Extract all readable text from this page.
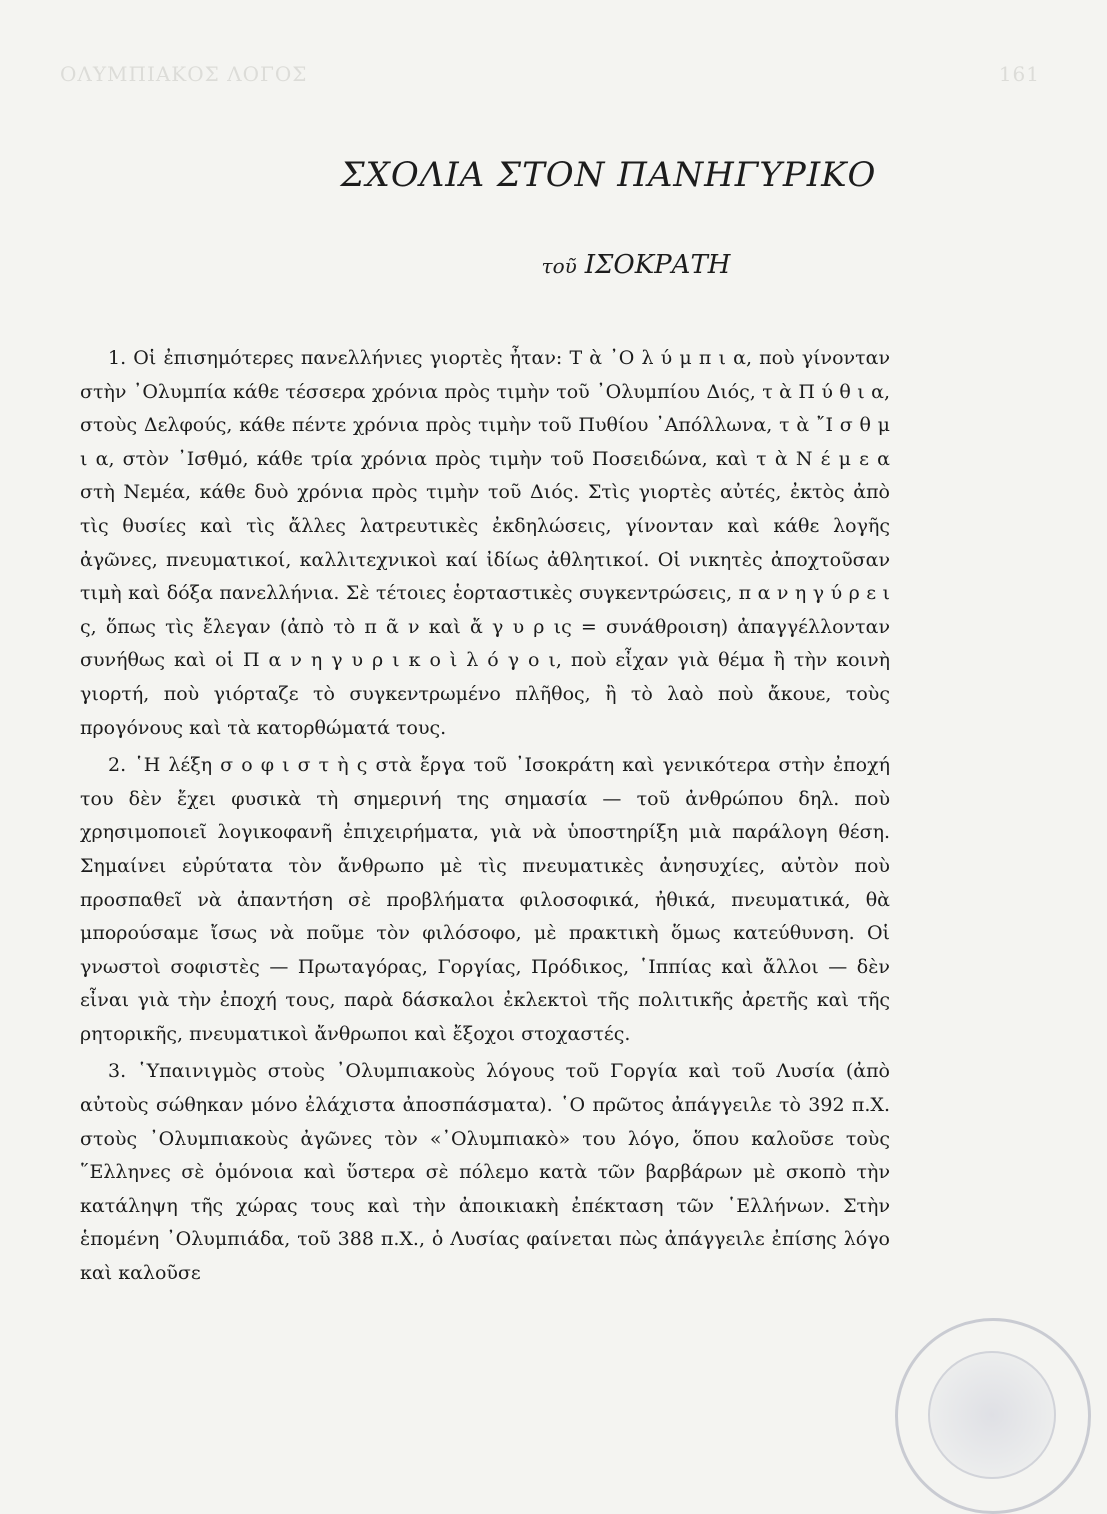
ΟΛΥΜΠΙΑΚΟΣ ΛΟΓΟΣ	161
ΣΧΟΛΙΑ ΣΤΟΝ ΠΑΝΗΓΥΡΙΚΟ
τοῦ ΙΣΟΚΡΑΤΗ

1. Οἱ ἐπισημότερες πανελλήνιες γιορτὲς ἦταν: Τ ὰ ᾿Ο λ ύ μ π ι α, ποὺ γίνονταν στὴν ᾿Ολυμπία κάθε τέσσερα χρόνια πρὸς τιμὴν τοῦ ᾿Ολυμπίου Διός, τ ὰ Π ύ θ ι α, στοὺς Δελφούς, κάθε πέντε χρόνια πρὸς τιμὴν τοῦ Πυθίου ᾿Απόλλωνα, τ ὰ ῎Ι σ θ μ ι α, στὸν ᾿Ισθμό, κάθε τρία χρόνια πρὸς τιμὴν τοῦ Ποσειδώνα, καὶ τ ὰ Ν έ μ ε α στὴ Νεμέα, κάθε δυὸ χρόνια πρὸς τιμὴν τοῦ Διός. Στὶς γιορτὲς αὐτές, ἐκτὸς ἀπὸ τὶς θυσίες καὶ τὶς ἄλλες λατρευτικὲς ἐκδηλώσεις, γίνονταν καὶ κάθε λογῆς ἀγῶνες, πνευματικοί, καλλιτεχνικοὶ καί ἰδίως ἀθλητικοί. Οἱ νικητὲς ἀποχτοῦσαν τιμὴ καὶ δόξα πανελλήνια. Σὲ τέτοιες ἑορταστικὲς συγκεντρώσεις, π α ν η γ ύ ρ ε ι ς, ὅπως τὶς ἔλεγαν (ἀπὸ τὸ π ᾶ ν καὶ ἄ γ υ ρ ις = συνάθροιση) ἀπαγγέλλονταν συνήθως καὶ οἱ Π α ν η γ υ ρ ι κ ο ὶ λ ό γ ο ι, ποὺ εἶχαν γιὰ θέμα ἢ τὴν κοινὴ γιορτή, ποὺ γιόρταζε τὸ συγκεντρωμένο πλῆθος, ἢ τὸ λαὸ ποὺ ἄκουε, τοὺς προγόνους καὶ τὰ κατορθώματά τους.

2. ῾Η λέξη σ ο φ ι σ τ ὴ ς στὰ ἔργα τοῦ ᾿Ισοκράτη καὶ γενικότερα στὴν ἐποχή του δὲν ἔχει φυσικὰ τὴ σημερινή της σημασία — τοῦ ἀνθρώπου δηλ. ποὺ χρησιμοποιεῖ λογικοφανῆ ἐπιχειρήματα, γιὰ νὰ ὑποστηρίξη μιὰ παράλογη θέση. Σημαίνει εὐρύτατα τὸν ἄνθρωπο μὲ τὶς πνευματικὲς ἀνησυχίες, αὐτὸν ποὺ προσπαθεῖ νὰ ἀπαντήση σὲ προβλήματα φιλοσοφικά, ἠθικά, πνευματικά, θὰ μπορούσαμε ἴσως νὰ ποῦμε τὸν φιλόσοφο, μὲ πρακτικὴ ὅμως κατεύθυνση. Οἱ γνωστοὶ σοφιστὲς — Πρωταγόρας, Γοργίας, Πρόδικος, ῾Ιππίας καὶ ἄλλοι — δὲν εἶναι γιὰ τὴν ἐποχή τους, παρὰ δάσκαλοι ἐκλεκτοὶ τῆς πολιτικῆς ἀρετῆς καὶ τῆς ρητορικῆς, πνευματικοὶ ἄνθρωποι καὶ ἔξοχοι στοχαστές.

3. ῾Υπαινιγμὸς στοὺς ᾿Ολυμπιακοὺς λόγους τοῦ Γοργία καὶ τοῦ Λυσία (ἀπὸ αὐτοὺς σώθηκαν μόνο ἐλάχιστα ἀποσπάσματα). ῾Ο πρῶτος ἀπάγγειλε τὸ 392 π.Χ. στοὺς ᾿Ολυμπιακοὺς ἀγῶνες τὸν «᾿Ολυμπιακὸ» του λόγο, ὅπου καλοῦσε τοὺς ῞Ελληνες σὲ ὁμόνοια καὶ ὕστερα σὲ πόλεμο κατὰ τῶν βαρβάρων μὲ σκοπὸ τὴν κατάληψη τῆς χώρας τους καὶ τὴν ἀποικιακὴ ἐπέκταση τῶν ῾Ελλήνων. Στὴν ἑπομένη ᾿Ολυμπιάδα, τοῦ 388 π.Χ., ὁ Λυσίας φαίνεται πὼς ἀπάγγειλε ἐπίσης λόγο καὶ καλοῦσε
